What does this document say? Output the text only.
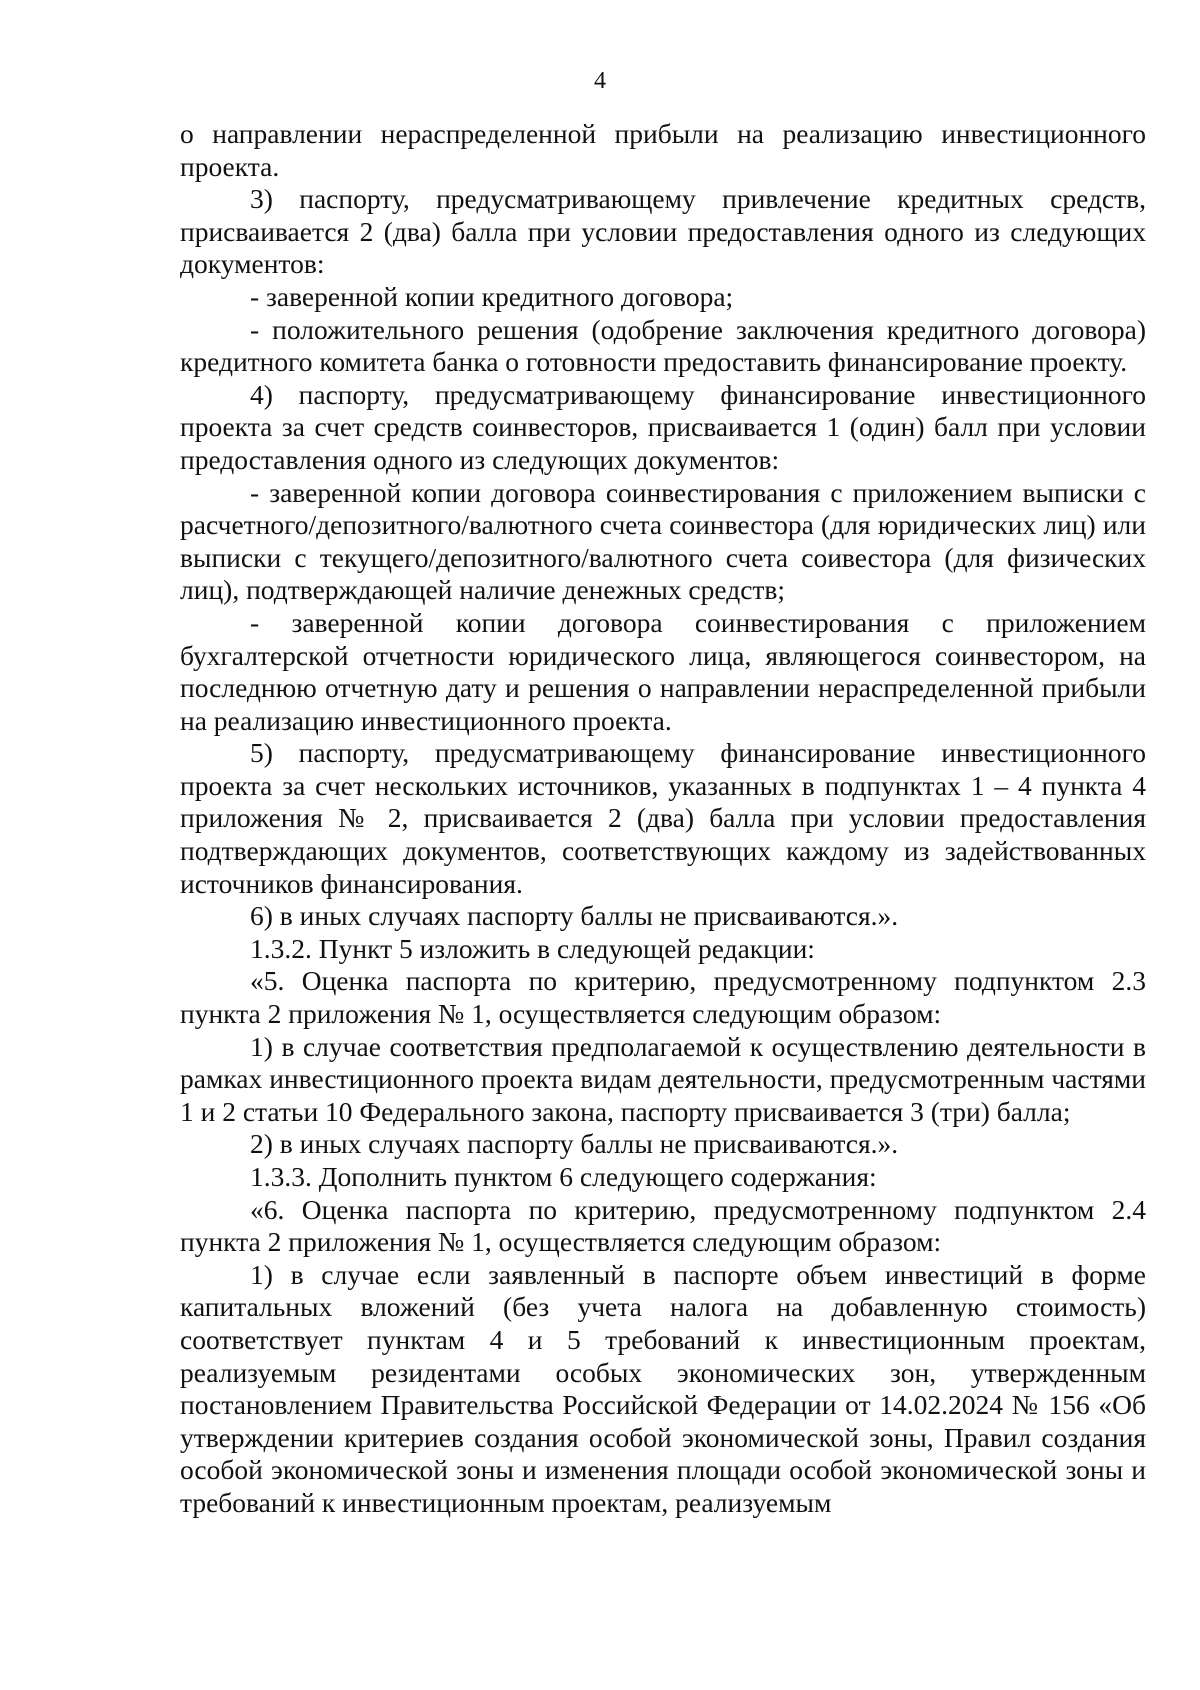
4

о направлении нераспределенной прибыли на реализацию инвестиционного проекта.

3) паспорту, предусматривающему привлечение кредитных средств, присваивается 2 (два) балла при условии предоставления одного из следующих документов:

- заверенной копии кредитного договора;

- положительного решения (одобрение заключения кредитного договора) кредитного комитета банка о готовности предоставить финансирование проекту.

4) паспорту, предусматривающему финансирование инвестиционного проекта за счет средств соинвесторов, присваивается 1 (один) балл при условии предоставления одного из следующих документов:

- заверенной копии договора соинвестирования с приложением выписки с расчетного/депозитного/валютного счета соинвестора (для юридических лиц) или выписки с текущего/депозитного/валютного счета соивестора (для физических лиц), подтверждающей наличие денежных средств;

- заверенной копии договора соинвестирования с приложением бухгалтерской отчетности юридического лица, являющегося соинвестором, на последнюю отчетную дату и решения о направлении нераспределенной прибыли на реализацию инвестиционного проекта.

5) паспорту, предусматривающему финансирование инвестиционного проекта за счет нескольких источников, указанных в подпунктах 1 – 4 пункта 4 приложения № 2, присваивается 2 (два) балла при условии предоставления подтверждающих документов, соответствующих каждому из задействованных источников финансирования.

6) в иных случаях паспорту баллы не присваиваются.».

1.3.2. Пункт 5 изложить в следующей редакции:

«5. Оценка паспорта по критерию, предусмотренному подпунктом 2.3 пункта 2 приложения № 1, осуществляется следующим образом:

1) в случае соответствия предполагаемой к осуществлению деятельности в рамках инвестиционного проекта видам деятельности, предусмотренным частями 1 и 2 статьи 10 Федерального закона, паспорту присваивается 3 (три) балла;

2) в иных случаях паспорту баллы не присваиваются.».

1.3.3. Дополнить пунктом 6 следующего содержания:

«6. Оценка паспорта по критерию, предусмотренному подпунктом 2.4 пункта 2 приложения № 1, осуществляется следующим образом:

1) в случае если заявленный в паспорте объем инвестиций в форме капитальных вложений (без учета налога на добавленную стоимость) соответствует пунктам 4 и 5 требований к инвестиционным проектам, реализуемым резидентами особых экономических зон, утвержденным постановлением Правительства Российской Федерации от 14.02.2024 № 156 «Об утверждении критериев создания особой экономической зоны, Правил создания особой экономической зоны и изменения площади особой экономической зоны и требований к инвестиционным проектам, реализуемым
